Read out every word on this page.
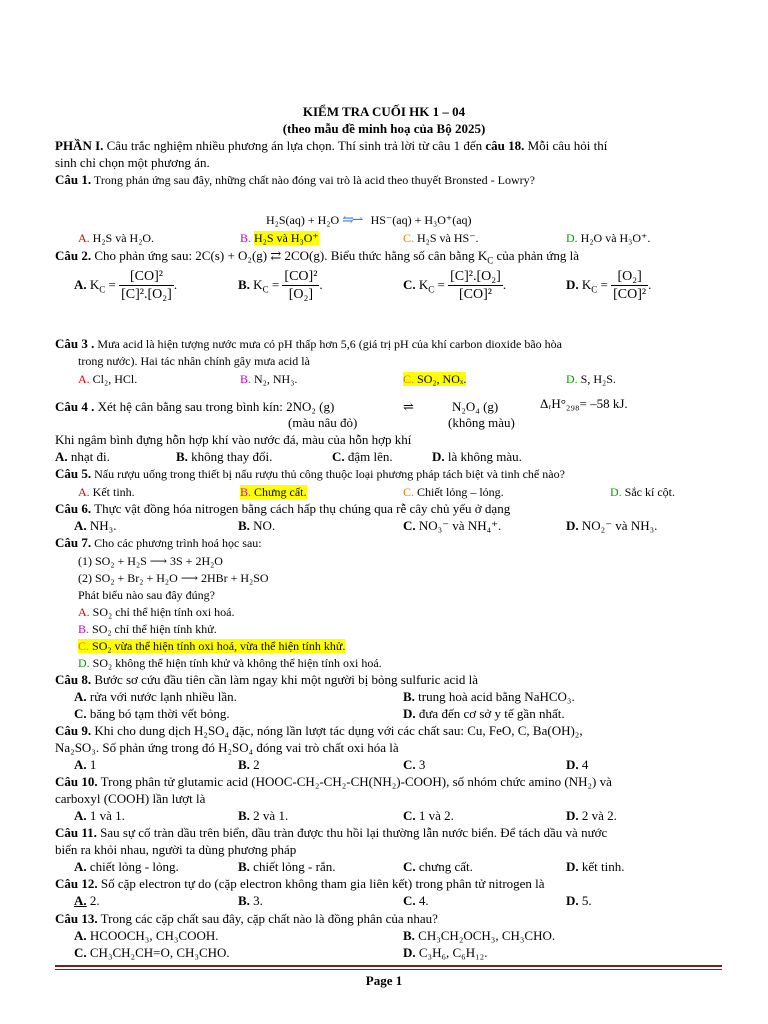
KIỂM TRA CUỐI HK 1 – 04
(theo mẫu đề minh hoạ của Bộ 2025)
PHẦN I. Câu trắc nghiệm nhiều phương án lựa chọn. Thí sinh trả lời từ câu 1 đến câu 18. Mỗi câu hỏi thí
sinh chỉ chọn một phương án.
Câu 1. Trong phản ứng sau đây, những chất nào đóng vai trò là acid theo thuyết Bronsted - Lowry?
H₂S(aq) + H₂O ⇋⇀ HS⁻(aq) + H₃O⁺(aq)
A. H₂S và H₂O.	B. H₂S và H₃O⁺	C. H₂S và HS⁻.	D. H₂O và H₃O⁺.
Câu 2. Cho phản ứng sau: 2C(s) + O₂(g) ⇄ 2CO(g). Biểu thức hằng số cân bằng $K_C$ của phản ứng là
A. $K_C = \frac{\text{[CO]²}}{\text{[C]².[O₂]}}$ .	B. $K_C = \frac{\text{[CO]²}}{\text{[O₂]}}$ .	C. $K_C = \frac{\text{[C]².[O₂]}}{\text{[CO]²}}$ .	D. $K_C = \frac{\text{[O₂]}}{\text{[CO]²}}$ .
Câu 3 . Mưa acid là hiện tượng nước mưa có pH thấp hơn 5,6 (giá trị pH của khí carbon dioxide bão hòa
trong nước). Hai tác nhân chính gây mưa acid là
A. Cl₂, HCl.	B. N₂, NH₃.	C. SO₂, NOₓ.	D. S, H₂S.
Câu 4 . Xét hệ cân bằng sau trong bình kín: 2NO₂ (g)	⇌	N₂O₄ (g)	ΔᵣH°₂₉₈= –58 kJ.
(màu nâu đỏ)	(không màu)
Khi ngâm bình đựng hỗn hợp khí vào nước đá, màu của hỗn hợp khí
A. nhạt đi.	B. không thay đổi.	C. đậm lên.	D. là không màu.
Câu 5. Nấu rượu uống trong thiết bị nấu rượu thủ công thuộc loại phương pháp tách biệt và tinh chế nào?
A. Kết tinh.	B. Chưng cất.	C. Chiết lỏng – lỏng.	D. Sắc kí cột.
Câu 6. Thực vật đồng hóa nitrogen bằng cách hấp thụ chúng qua rễ cây chủ yếu ở dạng
A. NH₃.	B. NO.	C. NO₃⁻ và NH₄⁺.	D. NO₂⁻ và NH₃.
Câu 7. Cho các phương trình hoá học sau:
(1) SO₂ + H₂S ⟶ 3S + 2H₂O
(2) SO₂ + Br₂ + H₂O ⟶ 2HBr + H₂SO
Phát biểu nào sau đây đúng?
A. SO₂ chỉ thể hiện tính oxi hoá.
B. SO₂ chỉ thể hiện tính khử.
C. SO₂ vừa thể hiện tính oxi hoá, vừa thể hiện tính khử.
D. SO₂ không thể hiện tính khử và không thể hiện tính oxi hoá.
Câu 8. Bước sơ cứu đầu tiên cần làm ngay khi một người bị bỏng sulfuric acid là
A. rửa với nước lạnh nhiều lần.	B. trung hoà acid bằng NaHCO₃.
C. băng bó tạm thời vết bỏng.	D. đưa đến cơ sở y tế gần nhất.
Câu 9. Khi cho dung dịch H₂SO₄ đặc, nóng lần lượt tác dụng với các chất sau: Cu, FeO, C, Ba(OH)₂,
Na₂SO₃. Số phản ứng trong đó H₂SO₄ đóng vai trò chất oxi hóa là
A. 1	B. 2	C. 3	D. 4
Câu 10. Trong phân tử glutamic acid (HOOC-CH₂-CH₂-CH(NH₂)-COOH), số nhóm chức amino (NH₂) và
carboxyl (COOH) lần lượt là
A. 1 và 1.	B. 2 và 1.	C. 1 và 2.	D. 2 và 2.
Câu 11. Sau sự cố tràn dầu trên biển, dầu tràn được thu hồi lại thường lẫn nước biển. Để tách dầu và nước
biển ra khỏi nhau, người ta dùng phương pháp
A. chiết lỏng - lỏng.	B. chiết lỏng - rắn.	C. chưng cất.	D. kết tinh.
Câu 12. Số cặp electron tự do (cặp electron không tham gia liên kết) trong phân tử nitrogen là
A. 2.	B. 3.	C. 4.	D. 5.
Câu 13. Trong các cặp chất sau đây, cặp chất nào là đồng phân của nhau?
A. HCOOCH₃, CH₃COOH.	B. CH₃CH₂OCH₃, CH₃CHO.
C. CH₃CH₂CH=O, CH₃CHO.	D. C₃H₆, C₆H₁₂.
Page 1
